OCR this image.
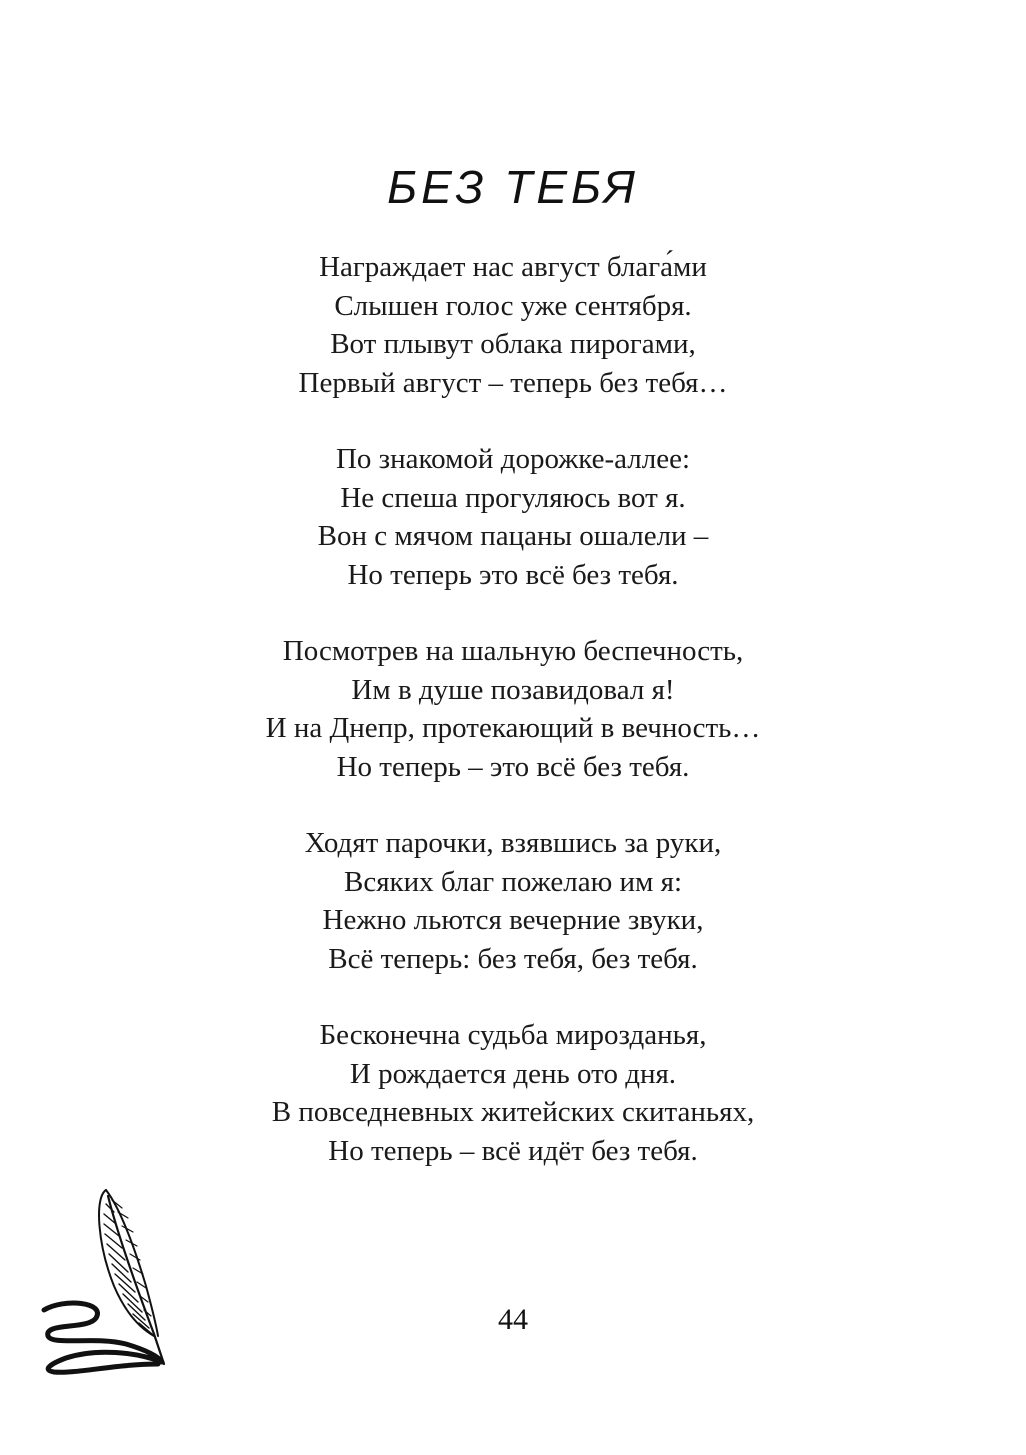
БЕЗ ТЕБЯ
Награждает нас август блага́ми
Слышен голос уже сентября.
Вот плывут облака пирогами,
Первый август – теперь без тебя…
По знакомой дорожке-аллее:
Не спеша прогуляюсь вот я.
Вон с мячом пацаны ошалели –
Но теперь это всё без тебя.
Посмотрев на шальную беспечность,
Им в душе позавидовал я!
И на Днепр, протекающий в вечность…
Но теперь – это всё без тебя.
Ходят парочки, взявшись за руки,
Всяких благ пожелаю им я:
Нежно льются вечерние звуки,
Всё теперь: без тебя, без тебя.
Бесконечна судьба мирозданья,
И рождается день ото дня.
В повседневных житейских скитаньях,
Но теперь – всё идёт без тебя.
44
